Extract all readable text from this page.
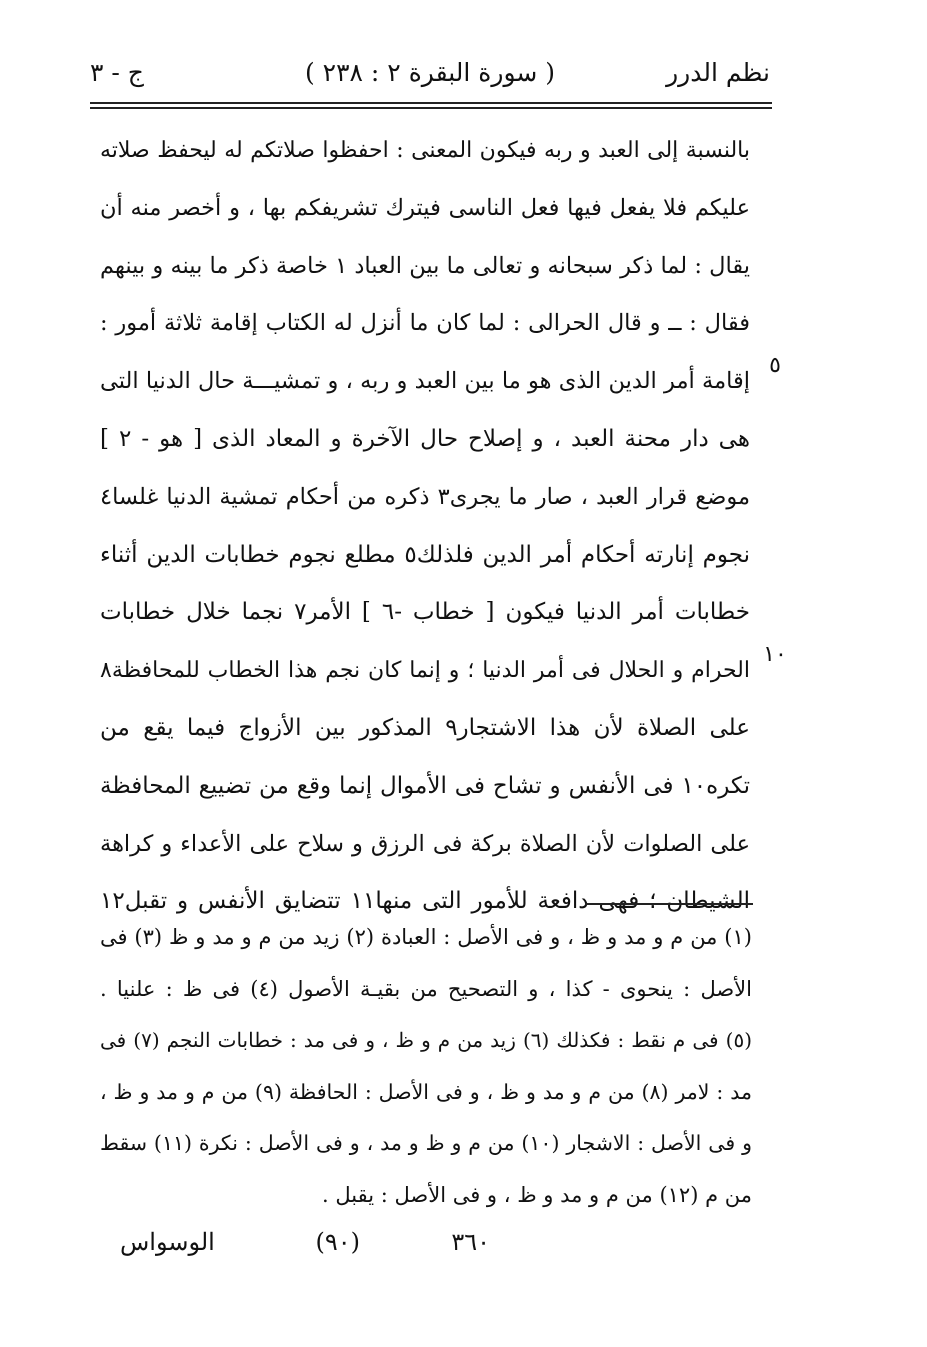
نظم الدرر
( سورة البقرة ٢ : ٢٣٨ )
ج - ٣
بالنسبة إلى العبد و ربه فيكون المعنى : احفظوا صلاتكم له ليحفظ صلاته
عليكم فلا يفعل فيها فعل الناسى فيترك تشريفكم بها ، و أخصر منه أن
يقال : لما ذكر سبحانه و تعالى ما بين العباد ١ خاصة ذكر ما بينه و بينهم
فقال : ــ و قال الحرالى : لما كان ما أنزل له الكتاب إقامة ثلاثة أمور :
إقامة أمر الدين الذى هو ما بين العبد و ربه ، و تمشيـــة حال الدنيا التى
هى دار محنة العبد ، و إصلاح حال الآخرة و المعاد الذى [ هو - ٢ ]
موضع قرار العبد ، صار ما يجرى٣ ذكره من أحكام تمشية الدنيا غلسا٤
نجوم إنارته أحكام أمر الدين فلذلك٥ مطلع نجوم خطابات الدين أثناء
خطابات أمر الدنيا فيكون [ خطاب -٦ ] الأمر٧ نجما خلال خطابات
الحرام و الحلال فى أمر الدنيا ؛ و إنما كان نجم هذا الخطاب للمحافظة٨
على الصلاة لأن هذا الاشتجار٩ المذكور بين الأزواج فيما يقع من
تكره١٠ فى الأنفس و تشاح فى الأموال إنما وقع من تضييع المحافظة
على الصلوات لأن الصلاة بركة فى الرزق و سلاح على الأعداء و كراهة
الشيطان ؛ فهى دافعة للأمور التى منها١١ تتضايق الأنفس و تقبل١٢
٥
١٠
(١) من م و مد و ظ ، و فى الأصل : العبادة (٢) زيد من م و مد و ظ (٣) فى
الأصل : ينحوى - كذا ، و التصحيح من بقيـة الأصول (٤) فى ظ : علنيا .
(٥) فى م نقط : فكذلك (٦) زيد من م و ظ ، و فى مد : خطابات النجم (٧) فى
مد : لامر (٨) من م و مد و ظ ، و فى الأصل : الحافظة (٩) من م و مد و ظ ،
و فى الأصل : الاشجار (١٠) من م و ظ و مد ، و فى الأصل : نكرة (١١) سقط
من م (١٢) من م و مد و ظ ، و فى الأصل : يقبل .
٣٦٠
(٩٠)
الوسواس
